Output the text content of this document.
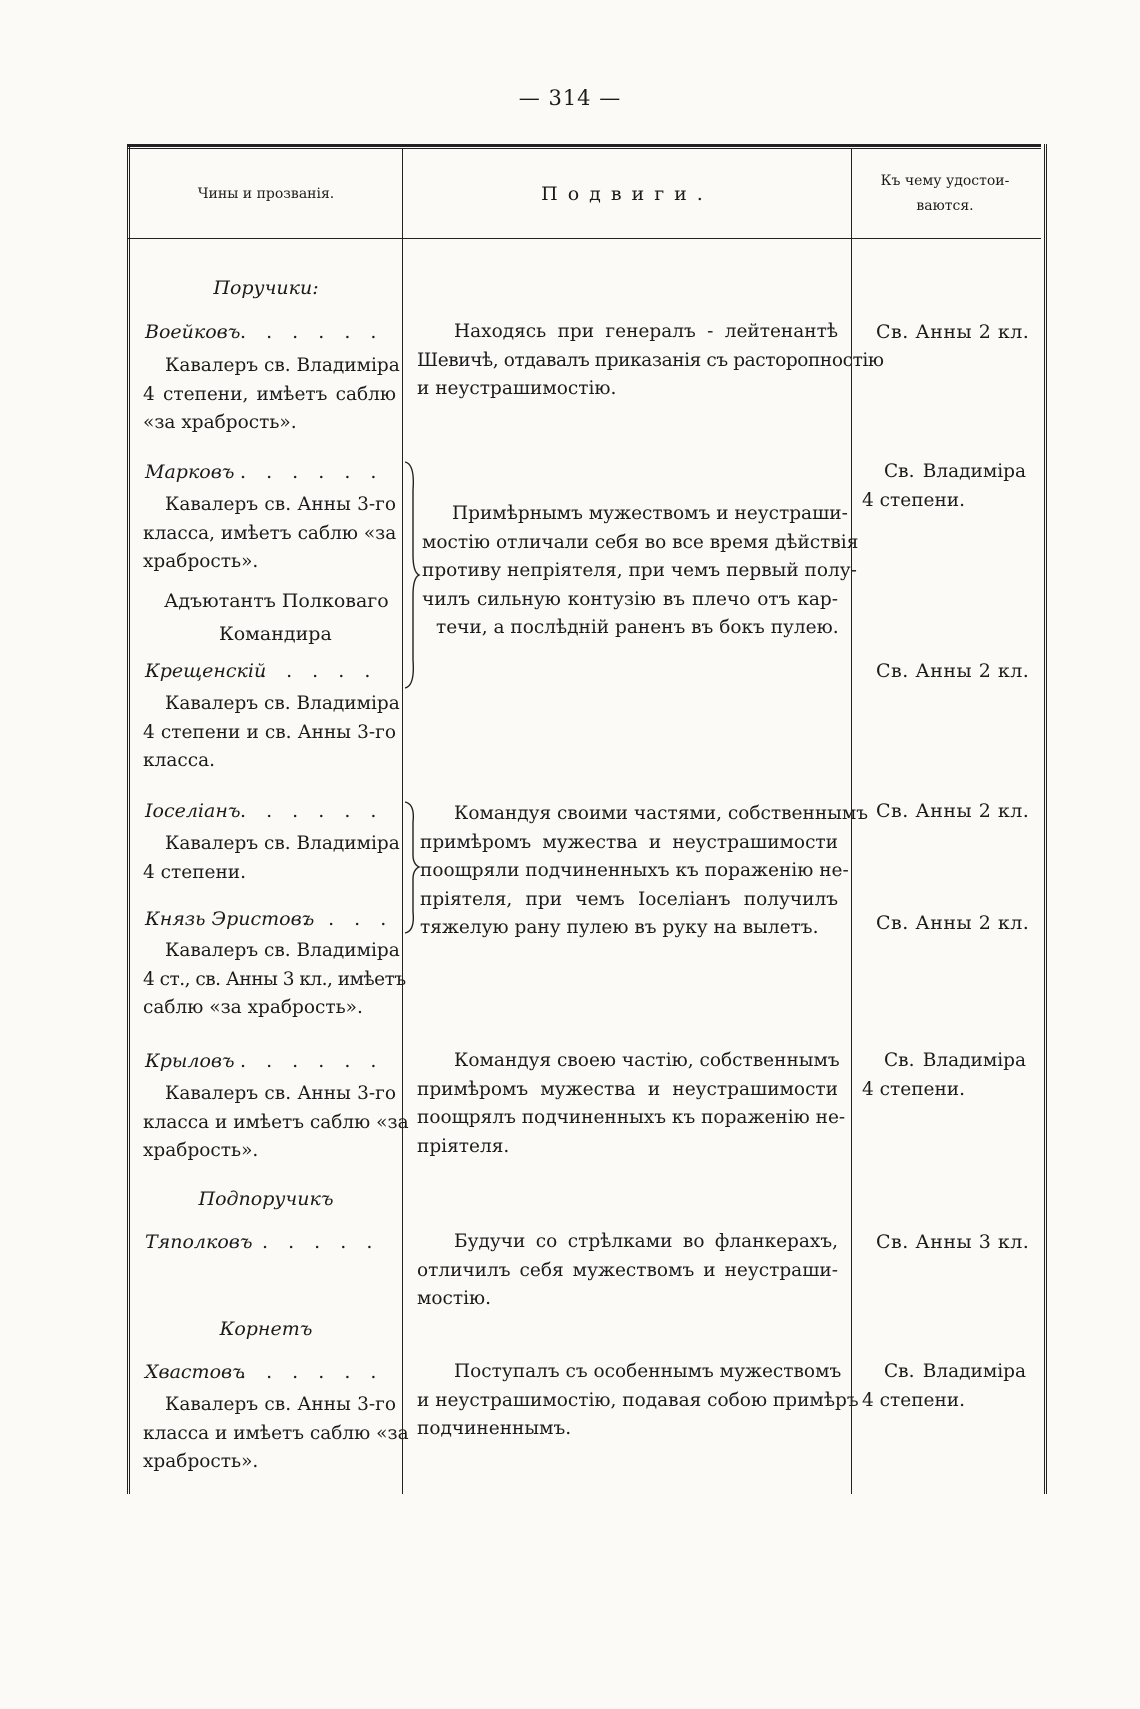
— 314 —
Чины и прозванія.	Подвиги.
Къ чему удостои-
ваются.
Поручики:
Воейковъ . . . . . .
Кавалеръ св. Владиміра
4 степени, имѣетъ саблю
«за храбрость».
Находясь при генералъ - лейтенантѣ
Шевичѣ, отдавалъ приказанія съ расторопностію
и неустрашимостію.
Св. Анны 2 кл.
Марковъ . . . . . .
Кавалеръ св. Анны 3-го
класса, имѣетъ саблю «за
храбрость».
Адъютантъ Полковаго
Командира
Крещенскій
. . . . .
Кавалеръ св. Владиміра
4 степени и св. Анны 3-го
класса.
Примѣрнымъ мужествомъ и неустраши-
мостію отличали себя во все время дѣйствія
противу непріятеля, при чемъ первый полу-
чилъ сильную контузію въ плечо отъ кар-
течи, а послѣдній раненъ въ бокъ пулею.
Св. Владиміра
4 степени.
Св. Анны 2 кл.
Іоселіанъ . . . . . .
Кавалеръ св. Владиміра
4 степени.
Князь Эристовъ
. . . .
Кавалеръ св. Владиміра
4 ст., св. Анны 3 кл., имѣетъ
саблю «за храбрость».
Командуя своими частями, собственнымъ
примѣромъ мужества и неустрашимости
поощряли подчиненныхъ къ пораженію не-
пріятеля, при чемъ Іоселіанъ получилъ
тяжелую рану пулею въ руку на вылетъ.
Св. Анны 2 кл.
Св. Анны 2 кл.
Крыловъ . . . . . .
Кавалеръ св. Анны 3-го
класса и имѣетъ саблю «за
храбрость».
Командуя своею частію, собственнымъ
примѣромъ мужества и неустрашимости
поощрялъ подчиненныхъ къ пораженію не-
пріятеля.
Св. Владиміра
4 степени.
Подпоручикъ
Тяполковъ . . . . .	Будучи со стрѣлками во фланкерахъ,
отличилъ себя мужествомъ и неустраши-
мостію.
Св. Анны 3 кл.
Корнетъ
Хвастовъ
. . . . . .
Кавалеръ св. Анны 3-го
класса и имѣетъ саблю «за
храбрость».
Поступалъ съ особеннымъ мужествомъ
и неустрашимостію, подавая собою примѣръ
подчиненнымъ.
Св. Владиміра
4 степени.
